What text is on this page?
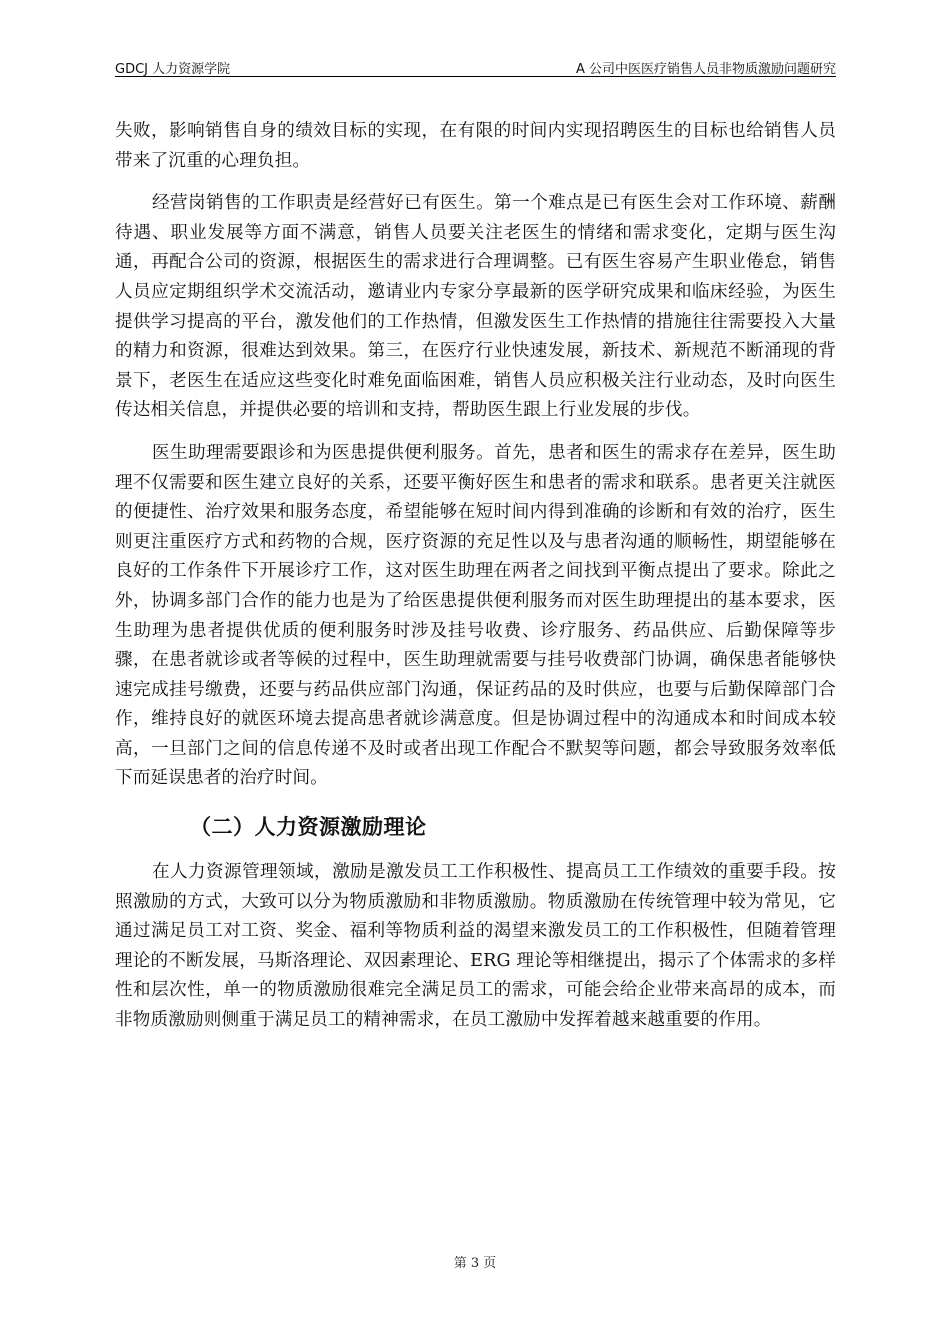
GDCJ 人力资源学院	A 公司中医医疗销售人员非物质激励问题研究

失败，影响销售自身的绩效目标的实现，在有限的时间内实现招聘医生的目标也给销售人员带来了沉重的心理负担。

经营岗销售的工作职责是经营好已有医生。第一个难点是已有医生会对工作环境、薪酬待遇、职业发展等方面不满意，销售人员要关注老医生的情绪和需求变化，定期与医生沟通，再配合公司的资源，根据医生的需求进行合理调整。已有医生容易产生职业倦怠，销售人员应定期组织学术交流活动，邀请业内专家分享最新的医学研究成果和临床经验，为医生提供学习提高的平台，激发他们的工作热情，但激发医生工作热情的措施往往需要投入大量的精力和资源，很难达到效果。第三，在医疗行业快速发展，新技术、新规范不断涌现的背景下，老医生在适应这些变化时难免面临困难，销售人员应积极关注行业动态，及时向医生传达相关信息，并提供必要的培训和支持，帮助医生跟上行业发展的步伐。

医生助理需要跟诊和为医患提供便利服务。首先，患者和医生的需求存在差异，医生助理不仅需要和医生建立良好的关系，还要平衡好医生和患者的需求和联系。患者更关注就医的便捷性、治疗效果和服务态度，希望能够在短时间内得到准确的诊断和有效的治疗，医生则更注重医疗方式和药物的合规，医疗资源的充足性以及与患者沟通的顺畅性，期望能够在良好的工作条件下开展诊疗工作，这对医生助理在两者之间找到平衡点提出了要求。除此之外，协调多部门合作的能力也是为了给医患提供便利服务而对医生助理提出的基本要求，医生助理为患者提供优质的便利服务时涉及挂号收费、诊疗服务、药品供应、后勤保障等步骤，在患者就诊或者等候的过程中，医生助理就需要与挂号收费部门协调，确保患者能够快速完成挂号缴费，还要与药品供应部门沟通，保证药品的及时供应，也要与后勤保障部门合作，维持良好的就医环境去提高患者就诊满意度。但是协调过程中的沟通成本和时间成本较高，一旦部门之间的信息传递不及时或者出现工作配合不默契等问题，都会导致服务效率低下而延误患者的治疗时间。

（二）人力资源激励理论

在人力资源管理领域，激励是激发员工工作积极性、提高员工工作绩效的重要手段。按照激励的方式，大致可以分为物质激励和非物质激励。物质激励在传统管理中较为常见，它通过满足员工对工资、奖金、福利等物质利益的渴望来激发员工的工作积极性，但随着管理理论的不断发展，马斯洛理论、双因素理论、ERG 理论等相继提出，揭示了个体需求的多样性和层次性，单一的物质激励很难完全满足员工的需求，可能会给企业带来高昂的成本，而非物质激励则侧重于满足员工的精神需求，在员工激励中发挥着越来越重要的作用。

第 3 页
